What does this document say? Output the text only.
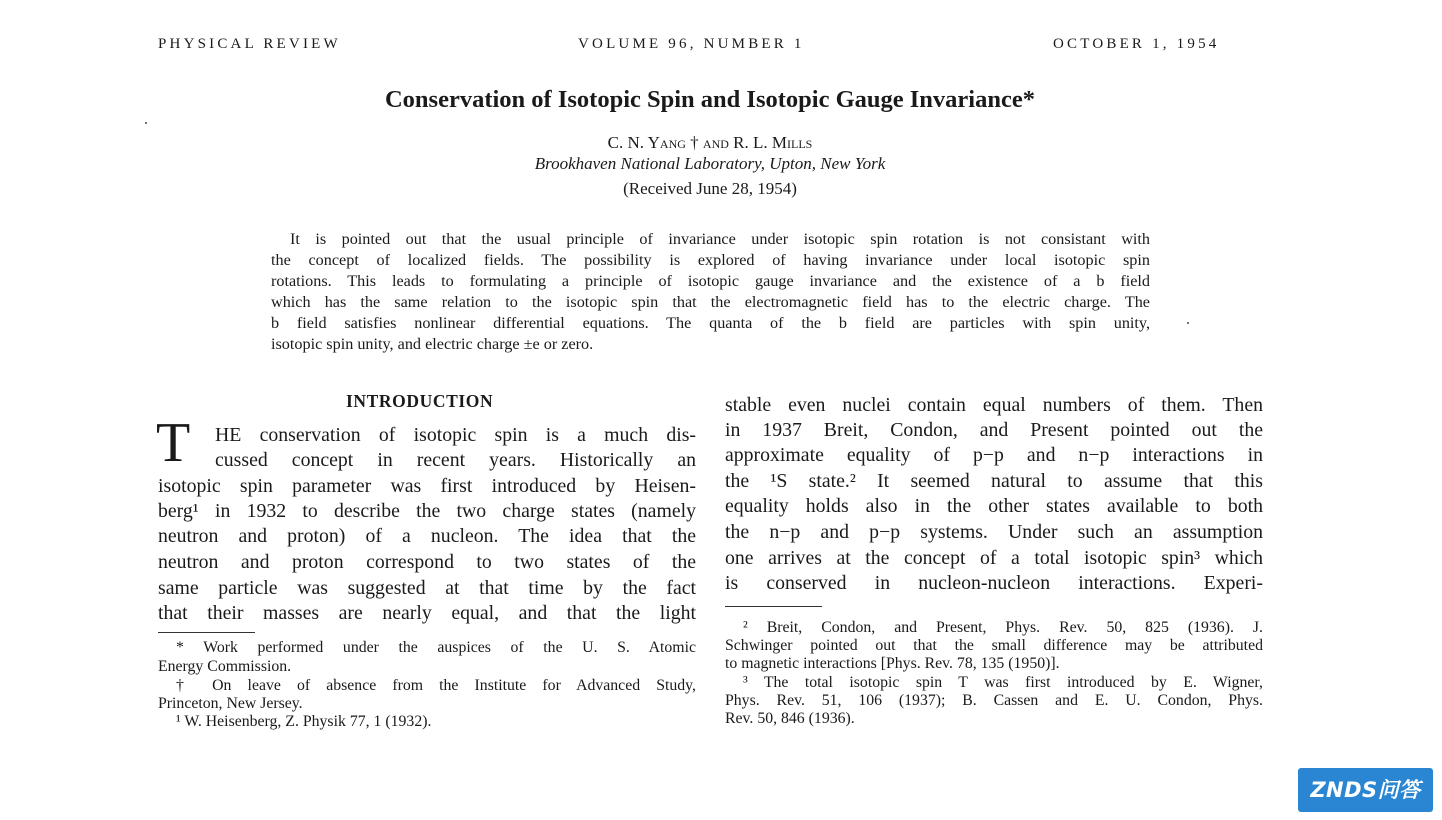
PHYSICAL REVIEW	VOLUME 96, NUMBER 1	OCTOBER 1, 1954
Conservation of Isotopic Spin and Isotopic Gauge Invariance*
C. N. Yang † and R. L. Mills
Brookhaven National Laboratory, Upton, New York
(Received June 28, 1954)
It is pointed out that the usual principle of invariance under isotopic spin rotation is not consistant with
the concept of localized fields. The possibility is explored of having invariance under local isotopic spin
rotations. This leads to formulating a principle of isotopic gauge invariance and the existence of a b field
which has the same relation to the isotopic spin that the electromagnetic field has to the electric charge. The
b field satisfies nonlinear differential equations. The quanta of the b field are particles with spin unity,
isotopic spin unity, and electric charge ±e or zero.
INTRODUCTION
T HE conservation of isotopic spin is a much dis-
cussed concept in recent years. Historically an
isotopic spin parameter was first introduced by Heisen-
berg¹ in 1932 to describe the two charge states (namely
neutron and proton) of a nucleon. The idea that the
neutron and proton correspond to two states of the
same particle was suggested at that time by the fact
that their masses are nearly equal, and that the light
stable even nuclei contain equal numbers of them. Then
in 1937 Breit, Condon, and Present pointed out the
approximate equality of p−p and n−p interactions in
the ¹S state.² It seemed natural to assume that this
equality holds also in the other states available to both
the n−p and p−p systems. Under such an assumption
one arrives at the concept of a total isotopic spin³ which
is conserved in nucleon-nucleon interactions. Experi-
* Work performed under the auspices of the U. S. Atomic
Energy Commission.
† On leave of absence from the Institute for Advanced Study,
Princeton, New Jersey.
¹ W. Heisenberg, Z. Physik 77, 1 (1932).
² Breit, Condon, and Present, Phys. Rev. 50, 825 (1936). J.
Schwinger pointed out that the small difference may be attributed
to magnetic interactions [Phys. Rev. 78, 135 (1950)].
³ The total isotopic spin T was first introduced by E. Wigner,
Phys. Rev. 51, 106 (1937); B. Cassen and E. U. Condon, Phys.
Rev. 50, 846 (1936).
ZNDS问答
